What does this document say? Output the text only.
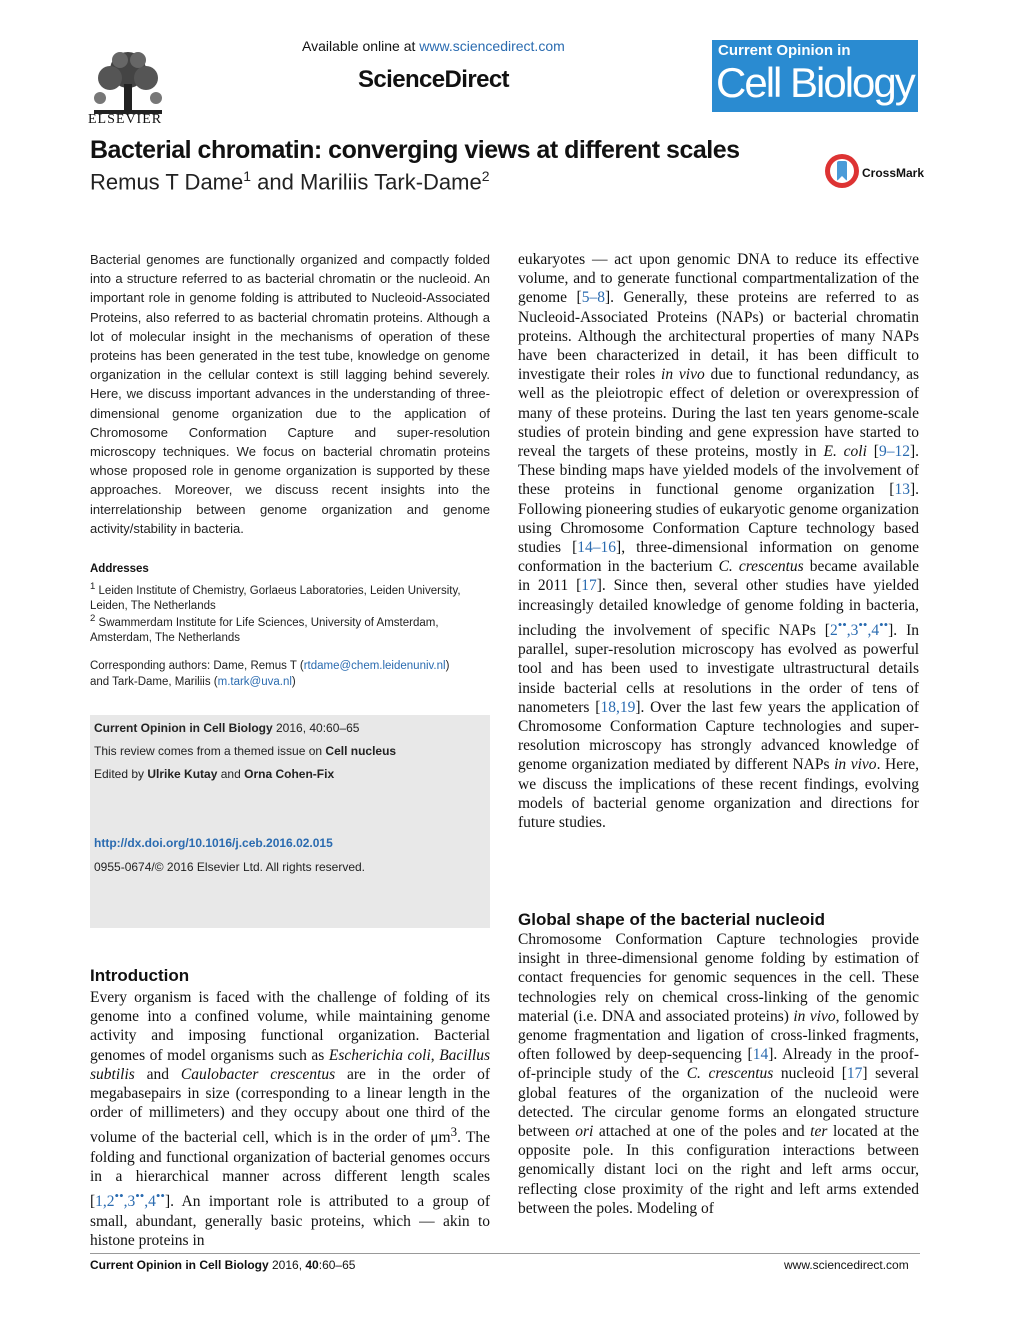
ELSEVIER
Available online at www.sciencedirect.com
ScienceDirect
Current Opinion in
Cell Biology
Bacterial chromatin: converging views at different scales
Remus T Dame$^1$ and Mariliis Tark-Dame$^2$	CrossMark
Bacterial genomes are functionally organized and compactly folded into a structure referred to as bacterial chromatin or the nucleoid. An important role in genome folding is attributed to Nucleoid-Associated Proteins, also referred to as bacterial chromatin proteins. Although a lot of molecular insight in the mechanisms of operation of these proteins has been generated in the test tube, knowledge on genome organization in the cellular context is still lagging behind severely. Here, we discuss important advances in the understanding of three-dimensional genome organization due to the application of Chromosome Conformation Capture and super-resolution microscopy techniques. We focus on bacterial chromatin proteins whose proposed role in genome organization is supported by these approaches. Moreover, we discuss recent insights into the interrelationship between genome organization and genome activity/stability in bacteria.
Addresses
$^1$ Leiden Institute of Chemistry, Gorlaeus Laboratories, Leiden University, Leiden, The Netherlands
$^2$ Swammerdam Institute for Life Sciences, University of Amsterdam, Amsterdam, The Netherlands
Corresponding authors: Dame, Remus T (rtdame@chem.leidenuniv.nl)
and Tark-Dame, Mariliis (m.tark@uva.nl)
Current Opinion in Cell Biology 2016, 40:60–65
This review comes from a themed issue on Cell nucleus
Edited by Ulrike Kutay and Orna Cohen-Fix
http://dx.doi.org/10.1016/j.ceb.2016.02.015
0955-0674/© 2016 Elsevier Ltd. All rights reserved.
Introduction
Every organism is faced with the challenge of folding of its genome into a confined volume, while maintaining genome activity and imposing functional organization. Bacterial genomes of model organisms such as Escherichia coli, Bacillus subtilis and Caulobacter crescentus are in the order of megabasepairs in size (corresponding to a linear length in the order of millimeters) and they occupy about one third of the volume of the bacterial cell, which is in the order of $\mu m^3$. The folding and functional organization of bacterial genomes occurs in a hierarchical manner across different length scales [1,2••,3••,4••]. An important role is attributed to a group of small, abundant, generally basic proteins, which — akin to histone proteins in
eukaryotes — act upon genomic DNA to reduce its effective volume, and to generate functional compartmentalization of the genome [5–8]. Generally, these proteins are referred to as Nucleoid-Associated Proteins (NAPs) or bacterial chromatin proteins. Although the architectural properties of many NAPs have been characterized in detail, it has been difficult to investigate their roles in vivo due to functional redundancy, as well as the pleiotropic effect of deletion or overexpression of many of these proteins. During the last ten years genome-scale studies of protein binding and gene expression have started to reveal the targets of these proteins, mostly in E. coli [9–12]. These binding maps have yielded models of the involvement of these proteins in functional genome organization [13]. Following pioneering studies of eukaryotic genome organization using Chromosome Conformation Capture technology based studies [14–16], three-dimensional information on genome conformation in the bacterium C. crescentus became available in 2011 [17]. Since then, several other studies have yielded increasingly detailed knowledge of genome folding in bacteria, including the involvement of specific NAPs [2••,3••,4••]. In parallel, super-resolution microscopy has evolved as powerful tool and has been used to investigate ultrastructural details inside bacterial cells at resolutions in the order of tens of nanometers [18,19]. Over the last few years the application of Chromosome Conformation Capture technologies and super-resolution microscopy has strongly advanced knowledge of genome organization mediated by different NAPs in vivo. Here, we discuss the implications of these recent findings, evolving models of bacterial genome organization and directions for future studies.
Global shape of the bacterial nucleoid
Chromosome Conformation Capture technologies provide insight in three-dimensional genome folding by estimation of contact frequencies for genomic sequences in the cell. These technologies rely on chemical cross-linking of the genomic material (i.e. DNA and associated proteins) in vivo, followed by genome fragmentation and ligation of cross-linked fragments, often followed by deep-sequencing [14]. Already in the proof-of-principle study of the C. crescentus nucleoid [17] several global features of the organization of the nucleoid were detected. The circular genome forms an elongated structure between ori attached at one of the poles and ter located at the opposite pole. In this configuration interactions between genomically distant loci on the right and left arms occur, reflecting close proximity of the right and left arms extended between the poles. Modeling of
Current Opinion in Cell Biology 2016, 40:60–65	www.sciencedirect.com
